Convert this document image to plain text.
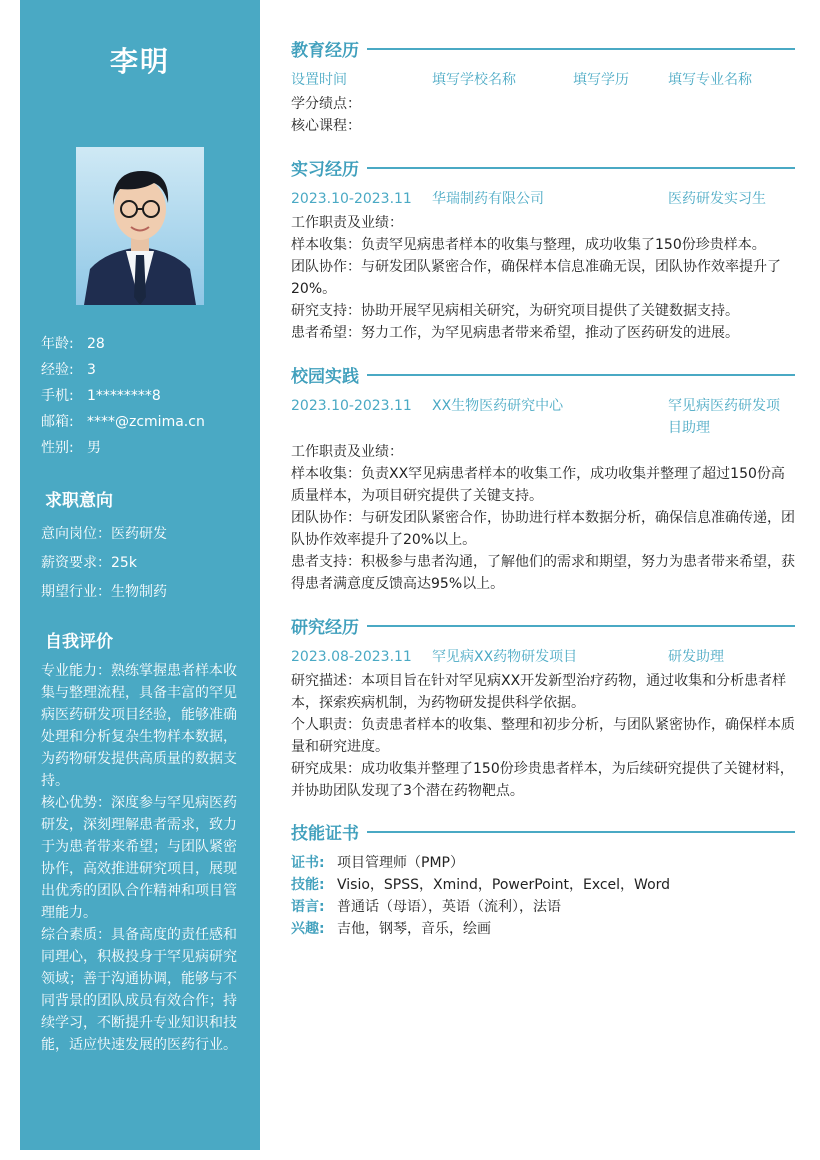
李明
年龄: 28
经验: 3
手机: 1********8
邮箱: ****@zcmima.cn
性别: 男
求职意向
意向岗位：医药研发
薪资要求：25k
期望行业：生物制药
自我评价

专业能力：熟练掌握患者样本收集与整理流程，具备丰富的罕见病医药研发项目经验，能够准确处理和分析复杂生物样本数据，为药物研发提供高质量的数据支持。

核心优势：深度参与罕见病医药研发，深刻理解患者需求，致力于为患者带来希望；与团队紧密协作，高效推进研究项目，展现出优秀的团队合作精神和项目管理能力。

综合素质：具备高度的责任感和同理心，积极投身于罕见病研究领域；善于沟通协调，能够与不同背景的团队成员有效合作；持续学习，不断提升专业知识和技能，适应快速发展的医药行业。

教育经历
设置时间	填写学校名称	填写学历	填写专业名称

学分绩点：

核心课程：

实习经历
2023.10-2023.11 华瑞制药有限公司	医药研发实习生

工作职责及业绩：

样本收集：负责罕见病患者样本的收集与整理，成功收集了150份珍贵样本。

团队协作：与研发团队紧密合作，确保样本信息准确无误，团队协作效率提升了20%。

研究支持：协助开展罕见病相关研究，为研究项目提供了关键数据支持。

患者希望：努力工作，为罕见病患者带来希望，推动了医药研发的进展。

校园实践
2023.10-2023.11 XX生物医药研究中心	罕见病医药研发项目助理

工作职责及业绩：

样本收集：负责XX罕见病患者样本的收集工作，成功收集并整理了超过150份高质量样本，为项目研究提供了关键支持。

团队协作：与研发团队紧密合作，协助进行样本数据分析，确保信息准确传递，团队协作效率提升了20%以上。

患者支持：积极参与患者沟通，了解他们的需求和期望，努力为患者带来希望，获得患者满意度反馈高达95%以上。

研究经历
2023.08-2023.11 罕见病XX药物研发项目	研发助理

研究描述：本项目旨在针对罕见病XX开发新型治疗药物，通过收集和分析患者样本，探索疾病机制，为药物研发提供科学依据。

个人职责：负责患者样本的收集、整理和初步分析，与团队紧密协作，确保样本质量和研究进度。

研究成果：成功收集并整理了150份珍贵患者样本，为后续研究提供了关键材料，并协助团队发现了3个潜在药物靶点。

技能证书
证书: 项目管理师（PMP）
技能: Visio，SPSS，Xmind，PowerPoint，Excel，Word
语言: 普通话（母语），英语（流利），法语
兴趣: 吉他，钢琴，音乐，绘画
